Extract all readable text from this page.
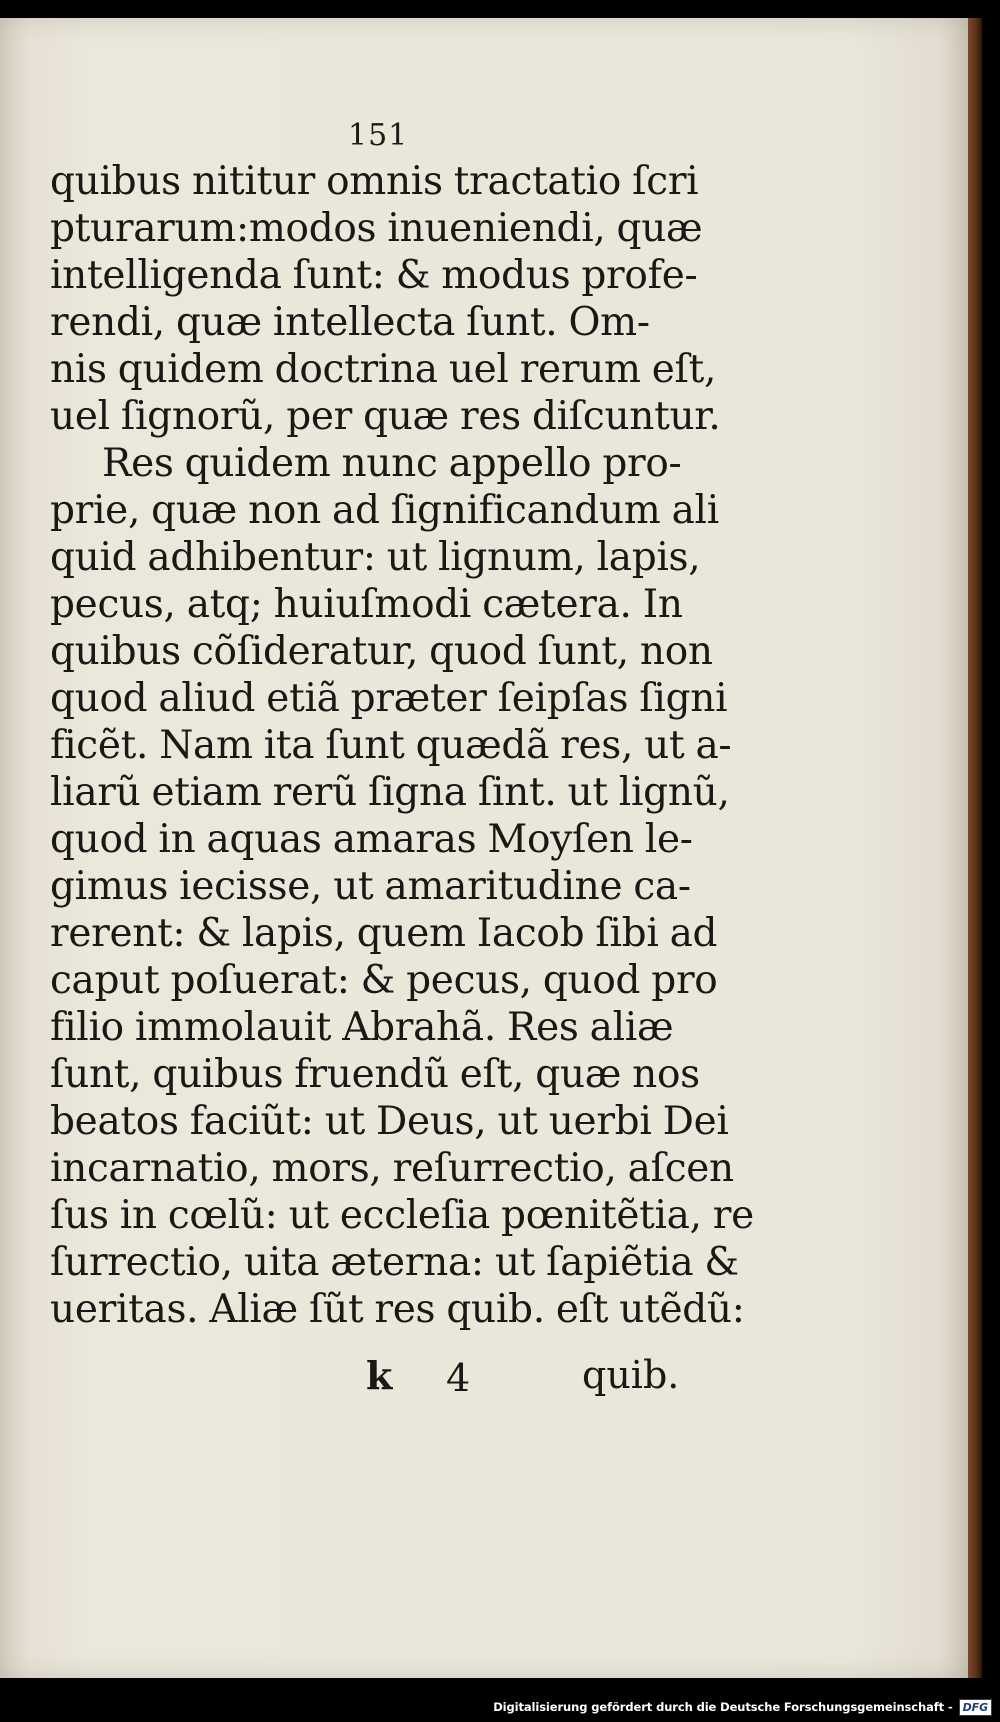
151
quibus nititur omnis tractatio ſcri
pturarum:modos inueniendi, quæ
intelligenda ſunt: & modus profe-
rendi, quæ intellecta ſunt. Om-
nis quidem doctrina uel rerum eſt,
uel ſignorũ, per quæ res diſcuntur.
Res quidem nunc appello pro-
prie, quæ non ad ſignificandum ali
quid adhibentur: ut lignum, lapis,
pecus, atq; huiuſmodi cætera. In
quibus cõſideratur, quod ſunt, non
quod aliud etiã præter ſeipſas ſigni
ficẽt. Nam ita ſunt quædã res, ut a-
liarũ etiam rerũ ſigna ſint. ut lignũ,
quod in aquas amaras Moyſen le-
gimus iecisse, ut amaritudine ca-
rerent: & lapis, quem Iacob ſibi ad
caput poſuerat: & pecus, quod pro
filio immolauit Abrahã. Res aliæ
ſunt, quibus fruendũ eſt, quæ nos
beatos faciũt: ut Deus, ut uerbi Dei
incarnatio, mors, reſurrectio, aſcen
ſus in cœlũ: ut eccleſia pœnitẽtia, re
ſurrectio, uita æterna: ut ſapiẽtia &
ueritas. Aliæ ſũt res quib. eſt utẽdũ:
k 4	quib.
Digitalisierung gefördert durch die Deutsche Forschungsgemeinschaft - DFG
